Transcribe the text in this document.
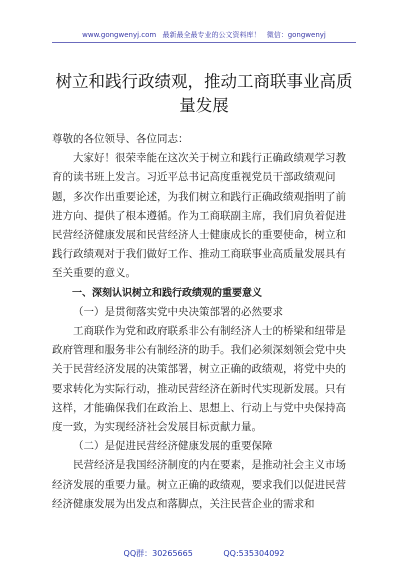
www.gongwenyj.com 最新最全最专业的公文资料库！ 微信：gongwenyj
树立和践行政绩观，推动工商联事业高质量发展

尊敬的各位领导、各位同志：

大家好！很荣幸能在这次关于树立和践行正确政绩观学习教育的读书班上发言。习近平总书记高度重视党员干部政绩观问题，多次作出重要论述，为我们树立和践行正确政绩观指明了前进方向、提供了根本遵循。作为工商联副主席，我们肩负着促进民营经济健康发展和民营经济人士健康成长的重要使命，树立和践行政绩观对于我们做好工作、推动工商联事业高质量发展具有至关重要的意义。

一、深刻认识树立和践行政绩观的重要意义

（一）是贯彻落实党中央决策部署的必然要求

工商联作为党和政府联系非公有制经济人士的桥梁和纽带是政府管理和服务非公有制经济的助手。我们必须深刻领会党中央关于民营经济发展的决策部署，树立正确的政绩观，将党中央的要求转化为实际行动，推动民营经济在新时代实现新发展。只有这样，才能确保我们在政治上、思想上、行动上与党中央保持高度一致，为实现经济社会发展目标贡献力量。

（二）是促进民营经济健康发展的重要保障

民营经济是我国经济制度的内在要素，是推动社会主义市场经济发展的重要力量。树立正确的政绩观，要求我们以促进民营经济健康发展为出发点和落脚点，关注民营企业的需求和

QQ群：30265665	QQ:535304092
